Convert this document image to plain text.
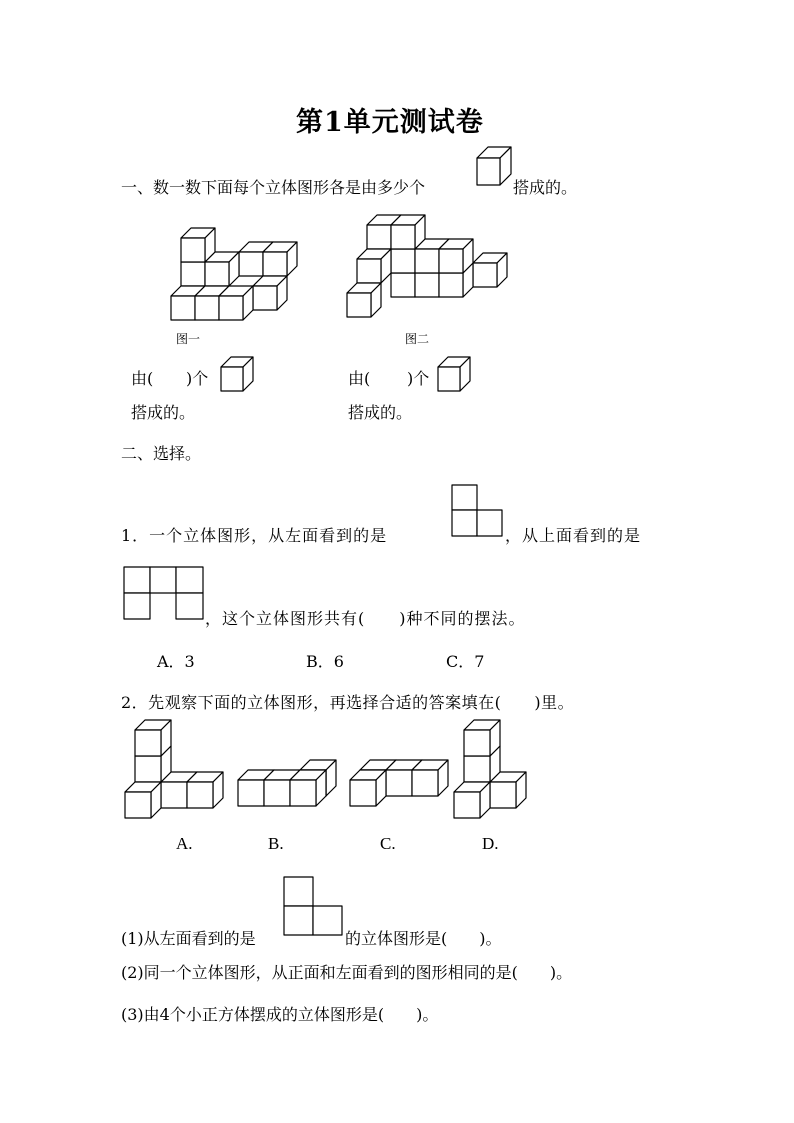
第1单元测试卷
一、数一数下面每个立体图形各是由多少个	搭成的。
图一	图二
由( )个	由( )个
搭成的。	搭成的。
二、选择。
1．一个立体图形，从左面看到的是	，从上面看到的是
，这个立体图形共有(　　)种不同的摆法。
A．3	B．6	C．7
2．先观察下面的立体图形，再选择合适的答案填在(　　)里。
A.	B.	C.	D.
(1)从左面看到的是	的立体图形是(　　)。
(2)同一个立体图形，从正面和左面看到的图形相同的是(　　)。
(3)由4个小正方体摆成的立体图形是(　　)。
